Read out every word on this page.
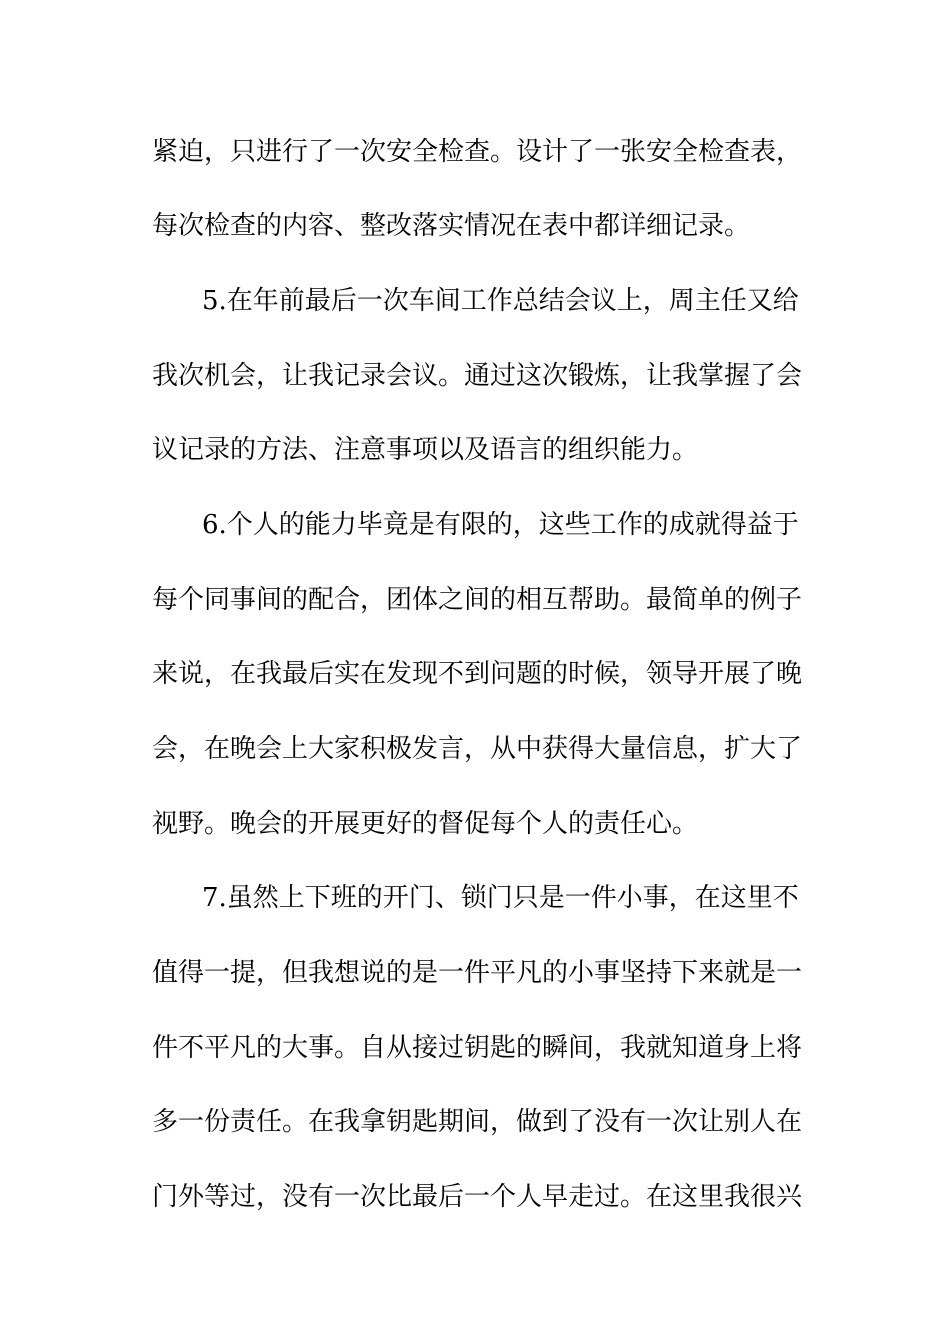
紧迫，只进行了一次安全检查。设计了一张安全检查表，
每次检查的内容、整改落实情况在表中都详细记录。
5.在年前最后一次车间工作总结会议上，周主任又给
我次机会，让我记录会议。通过这次锻炼，让我掌握了会
议记录的方法、注意事项以及语言的组织能力。
6.个人的能力毕竟是有限的，这些工作的成就得益于
每个同事间的配合，团体之间的相互帮助。最简单的例子
来说，在我最后实在发现不到问题的时候，领导开展了晚
会，在晚会上大家积极发言，从中获得大量信息，扩大了
视野。晚会的开展更好的督促每个人的责任心。
7.虽然上下班的开门、锁门只是一件小事，在这里不
值得一提，但我想说的是一件平凡的小事坚持下来就是一
件不平凡的大事。自从接过钥匙的瞬间，我就知道身上将
多一份责任。在我拿钥匙期间，做到了没有一次让别人在
门外等过，没有一次比最后一个人早走过。在这里我很兴
